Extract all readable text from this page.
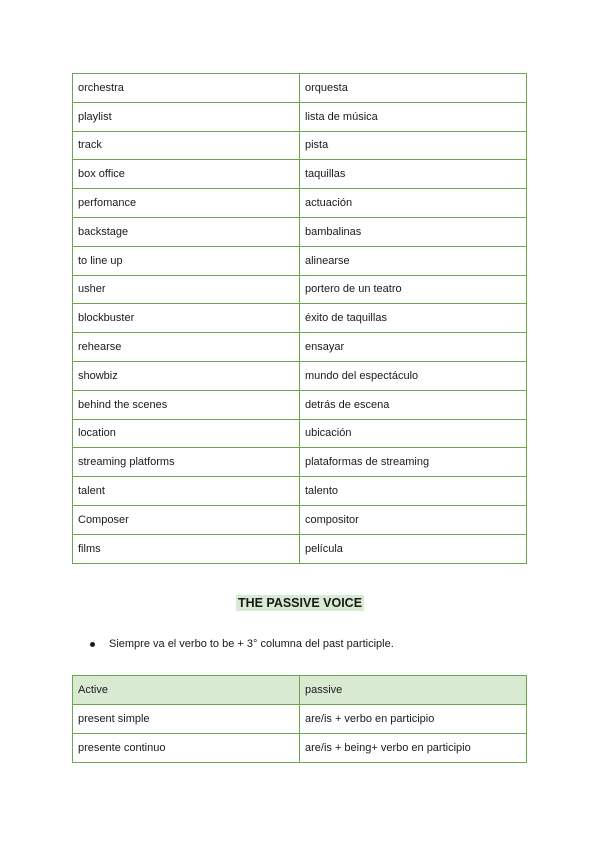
orchestra	orquesta
playlist	lista de música
track	pista
box office	taquillas
perfomance	actuación
backstage	bambalinas
to line up	alinearse
usher	portero de un teatro
blockbuster	éxito de taquillas
rehearse	ensayar
showbiz	mundo del espectáculo
behind the scenes	detrás de escena
location	ubicación
streaming platforms	plataformas de streaming
talent	talento
Composer	compositor
films	película
THE PASSIVE VOICE
Siempre va el verbo to be + 3° columna del past participle.
Active	passive
present simple	are/is + verbo en participio
presente continuo	are/is + being+ verbo en participio
